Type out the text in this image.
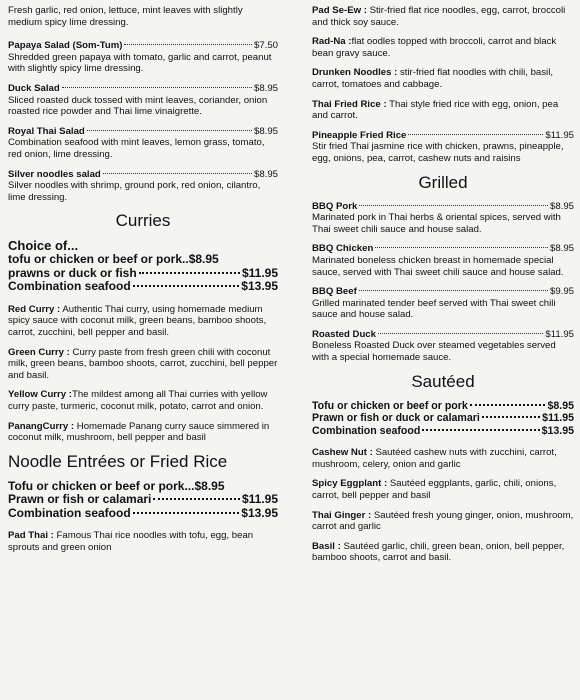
Fresh garlic, red onion, lettuce, mint leaves with slightly medium spicy lime dressing.
Papaya Salad (Som-Tum)	$7.50
Shredded green papaya with tomato, garlic and carrot, peanut with slightly spicy lime dressing.
Duck Salad	$8.95
Sliced roasted duck tossed with mint leaves, coriander, onion roasted rice powder and Thai lime vinaigrette.
Royal Thai Salad	$8.95
Combination seafood with mint leaves, lemon grass, tomato, red onion, lime dressing.
Silver noodles salad	$8.95
Silver noodles with shrimp, ground pork, red onion, cilantro, lime dressing.
Curries
Choice of...
tofu or chicken or beef or pork.. $8.95
prawns or duck or fish	$11.95
Combination seafood	$13.95
Red Curry : Authentic Thai curry, using homemade medium spicy sauce with coconut milk, green beans, bamboo shoots, carrot, zucchini, bell pepper and basil.
Green Curry : Curry paste from fresh green chili with coconut milk, green beans, bamboo shoots, carrot, zucchini, bell pepper and basil.
Yellow Curry :The mildest among all Thai curries with yellow curry paste, turmeric, coconut milk, potato, carrot and onion.
PanangCurry : Homemade Panang curry sauce simmered in coconut milk, mushroom, bell pepper and basil
Noodle Entrées or Fried Rice
Tofu or chicken or beef or pork... $8.95
Prawn or fish or calamari	$11.95
Combination seafood	$13.95
Pad Thai : Famous Thai rice noodles with tofu, egg, bean sprouts and green onion
Pad Se-Ew : Stir-fried flat rice noodles, egg, carrot, broccoli and thick soy sauce.
Rad-Na :flat oodles topped with broccoli, carrot and black bean gravy sauce.
Drunken Noodles : stir-fried flat noodles with chili, basil, carrot, tomatoes and cabbage.
Thai Fried Rice : Thai style fried rice with egg, onion, pea and carrot.
Pineapple Fried Rice	$11.95
Stir fried Thai jasmine rice with chicken, prawns, pineapple, egg, onions, pea, carrot, cashew nuts and raisins
Grilled
BBQ Pork	$8.95
Marinated pork in Thai herbs & oriental spices, served with Thai sweet chili sauce and house salad.
BBQ Chicken	$8.95
Marinated boneless chicken breast in homemade special sauce, served with Thai sweet chili sauce and house salad.
BBQ Beef	$9.95
Grilled marinated tender beef served with Thai sweet chili sauce and house salad.
Roasted Duck	$11.95
Boneless Roasted Duck over steamed vegetables served with a special homemade sauce.
Sautéed
Tofu or chicken or beef or pork	$8.95
Prawn or fish or duck or calamari	$11.95
Combination seafood	$13.95
Cashew Nut : Sautéed cashew nuts with zucchini, carrot, mushroom, celery, onion and garlic
Spicy Eggplant : Sautéed eggplants, garlic, chili, onions, carrot, bell pepper and basil
Thai Ginger : Sautéed fresh young ginger, onion, mushroom, carrot and garlic
Basil : Sautéed garlic, chili, green bean, onion, bell pepper, bamboo shoots, carrot and basil.
